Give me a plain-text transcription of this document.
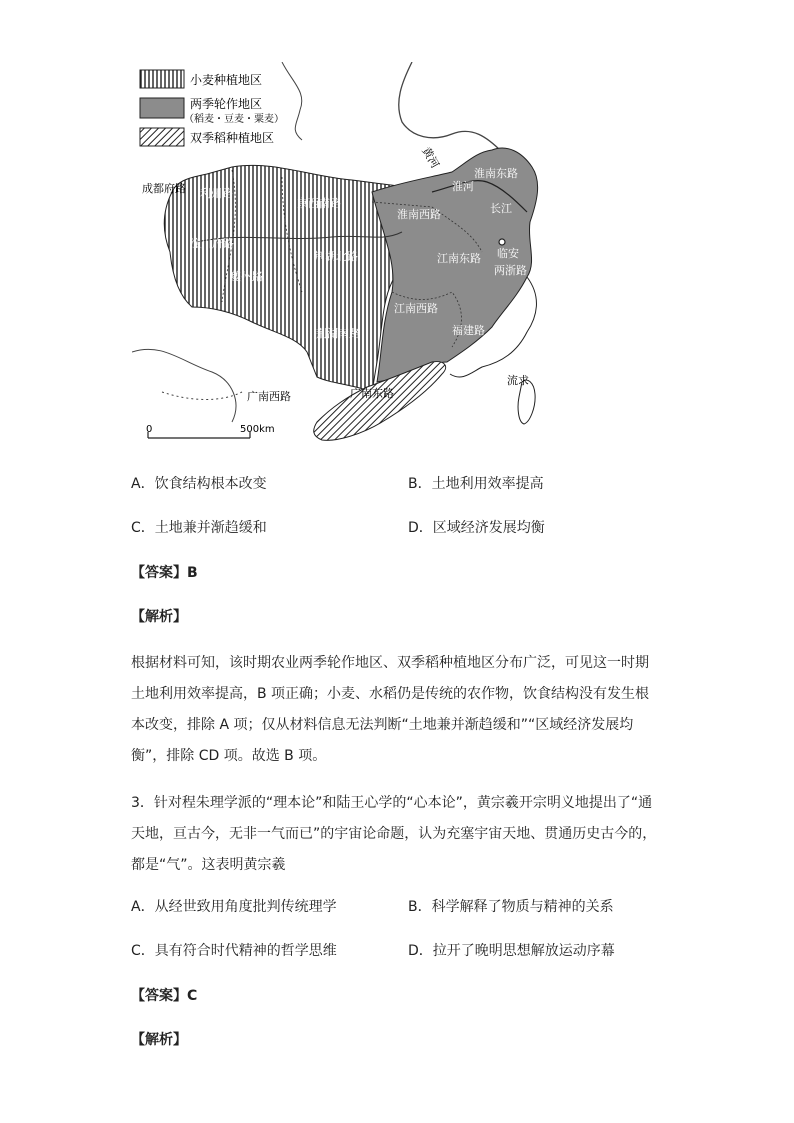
小麦种植地区
两季轮作地区
（稻麦・豆麦・粟麦）
双季稻种植地区
黄河
淮南东路
淮河
长江
淮南西路
京西南路
利州路
成都府路
潼川府路
夔州路
荆湖北路
荆湖南路
江南东路
江南西路
临安
两浙路
福建路
广南西路	广南东路
流求
0	500km
A．饮食结构根本改变	B．土地利用效率提高
C．土地兼并渐趋缓和	D．区域经济发展均衡
【答案】B
【解析】
根据材料可知，该时期农业两季轮作地区、双季稻种植地区分布广泛，可见这一时期
土地利用效率提高，B 项正确；小麦、水稻仍是传统的农作物，饮食结构没有发生根
本改变，排除 A 项；仅从材料信息无法判断“土地兼并渐趋缓和”“区域经济发展均
衡”，排除 CD 项。故选 B 项。
3．针对程朱理学派的“理本论”和陆王心学的“心本论”，黄宗羲开宗明义地提出了“通
天地，亘古今，无非一气而已”的宇宙论命题，认为充塞宇宙天地、贯通历史古今的，
都是“气”。这表明黄宗羲
A．从经世致用角度批判传统理学	B．科学解释了物质与精神的关系
C．具有符合时代精神的哲学思维	D．拉开了晚明思想解放运动序幕
【答案】C
【解析】
